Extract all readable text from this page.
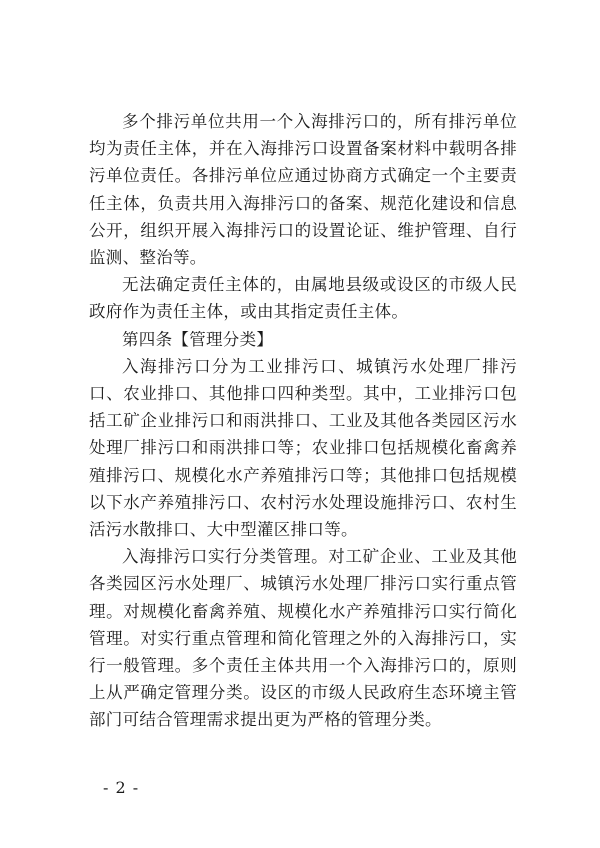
多个排污单位共用一个入海排污口的，所有排污单位均为责任主体，并在入海排污口设置备案材料中载明各排污单位责任。各排污单位应通过协商方式确定一个主要责任主体，负责共用入海排污口的备案、规范化建设和信息公开，组织开展入海排污口的设置论证、维护管理、自行监测、整治等。

无法确定责任主体的，由属地县级或设区的市级人民政府作为责任主体，或由其指定责任主体。

第四条【管理分类】

入海排污口分为工业排污口、城镇污水处理厂排污口、农业排口、其他排口四种类型。其中，工业排污口包括工矿企业排污口和雨洪排口、工业及其他各类园区污水处理厂排污口和雨洪排口等；农业排口包括规模化畜禽养殖排污口、规模化水产养殖排污口等；其他排口包括规模以下水产养殖排污口、农村污水处理设施排污口、农村生活污水散排口、大中型灌区排口等。

入海排污口实行分类管理。对工矿企业、工业及其他各类园区污水处理厂、城镇污水处理厂排污口实行重点管理。对规模化畜禽养殖、规模化水产养殖排污口实行简化管理。对实行重点管理和简化管理之外的入海排污口，实行一般管理。多个责任主体共用一个入海排污口的，原则上从严确定管理分类。设区的市级人民政府生态环境主管部门可结合管理需求提出更为严格的管理分类。

- 2 -
